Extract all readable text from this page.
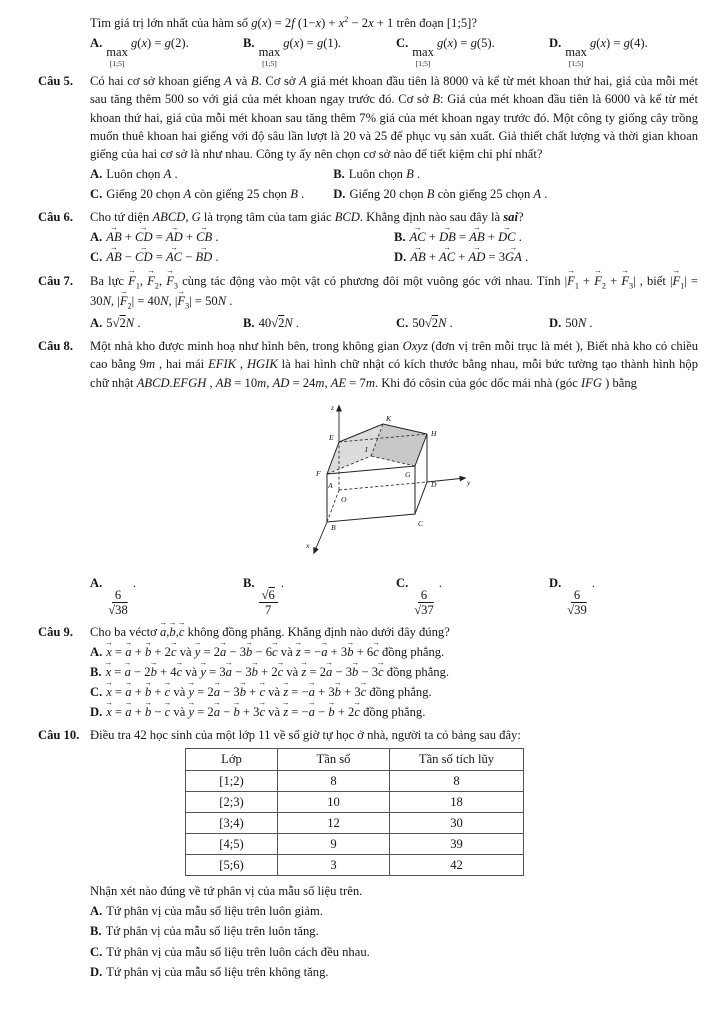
Tìm giá trị lớn nhất của hàm số g(x) = 2f $(1-x) + x^2 - 2x + 1$ trên đoạn [1;5]?

A.
max
[1;5]
g(x) = g(2).	B.
max
[1;5]
g(x) = g(1).	C.
max
[1;5]
g(x) = g(5).	D.
max
[1;5]
g(x) = g(4).
Câu 5.	Có hai cơ sở khoan giếng A và B. Cơ sở A giá mét khoan đầu tiên là 8000 và kể từ mét khoan thứ hai, giá của mỗi mét sau tăng thêm 500 so với giá của mét khoan ngay trước đó. Cơ sở B: Giá của mét khoan đầu tiên là 6000 và kể từ mét khoan thứ hai, giá của mỗi mét khoan sau tăng thêm 7% giá của mét khoan ngay trước đó. Một công ty giống cây trồng muốn thuê khoan hai giếng với độ sâu lần lượt là 20 và 25 để phục vụ sản xuất. Giả thiết chất lượng và thời gian khoan giếng của hai cơ sở là như nhau. Công ty ấy nên chọn cơ sở nào để tiết kiệm chi phí nhất?

A. Luôn chọn A .	B. Luôn chọn B .
C. Giếng 20 chọn A còn giếng 25 chọn B .	D. Giếng 20 chọn B còn giếng 25 chọn A .
Câu 6.	Cho tứ diện ABCD, G là trọng tâm của tam giác BCD. Khẳng định nào sau đây là sai?

A. → AB + → CD = → AD + → CB .	B. → AC + → DB = → AB + → DC .
C. → AB − → CD = → AC − → BD .	D. → AB + → AC + → AD = 3→ GA .
Câu 7.	Ba lực → $F_1$, → $F_2$, → $F_3$ cùng tác động vào một vật có phương đôi một vuông góc với nhau. Tính |→ $F_1$ + → $F_2$ + → $F_3|$ , biết |→ $F_1| = 30N$, |→ $F_2| = 40N$, |→ $F_3| = 50N$ .

A. 5√2N .	B. 40√2N .	C. 50√2N .	D. 50N .
Câu 8.	Một nhà kho được minh hoạ như hình bên, trong không gian Oxyz (đơn vị trên mỗi trục là mét ), Biết nhà kho có chiều cao bằng 9m , hai mái EFIK , HGIK là hai hình chữ nhật có kích thước bằng nhau, mỗi bức tường tạo thành hình hộp chữ nhật ABCD.EFGH , AB = 10m, AD = 24m, AE = 7m. Khi đó côsin của góc dốc mái nhà (góc IFG ) bằng

K
E	H
I
F	G
A
O
D
B	C
z
y
x
A.
$\frac{6}{√38}$
.	B.
$\frac{√6}{7}$
.	C.
$\frac{6}{√37}$
.	D.
$\frac{6}{√39}$
.
Câu 9.	Cho ba véctơ → a,→ b,→ c không đồng phẳng. Khẳng định nào dưới đây đúng?

A. → x = → a + → b + 2→ c và → y = 2→ a − 3→ b − 6→ c và → z = −→ a + 3→ b + 6→ c đồng phẳng.
B. → x = → a − 2→ b + 4→ c và → y = 3→ a − 3→ b + 2→ c và → z = 2→ a − 3→ b − 3→ c đồng phẳng.
C. → x = → a + → b + → c và → y = 2→ a − 3→ b + → c và → z = −→ a + 3→ b + 3→ c đồng phẳng.
D. → x = → a + → b − → c và → y = 2→ a − → b + 3→ c và → z = −→ a − → b + 2→ c đồng phẳng.
Câu 10. Điều tra 42 học sinh của một lớp 11 về số giờ tự học ở nhà, người ta có bảng sau đây:

Lớp	Tần số	Tần số tích lũy
[1;2)	8	8
[2;3)	10	18
[3;4)	12	30
[4;5)	9	39
[5;6)	3	42

Nhận xét nào đúng về tứ phân vị của mẫu số liệu trên.

A. Tứ phân vị của mẫu số liệu trên luôn giảm.
B. Tứ phân vị của mẫu số liệu trên luôn tăng.
C. Tứ phân vị của mẫu số liệu trên luôn cách đều nhau.
D. Tứ phân vị của mẫu số liệu trên không tăng.
